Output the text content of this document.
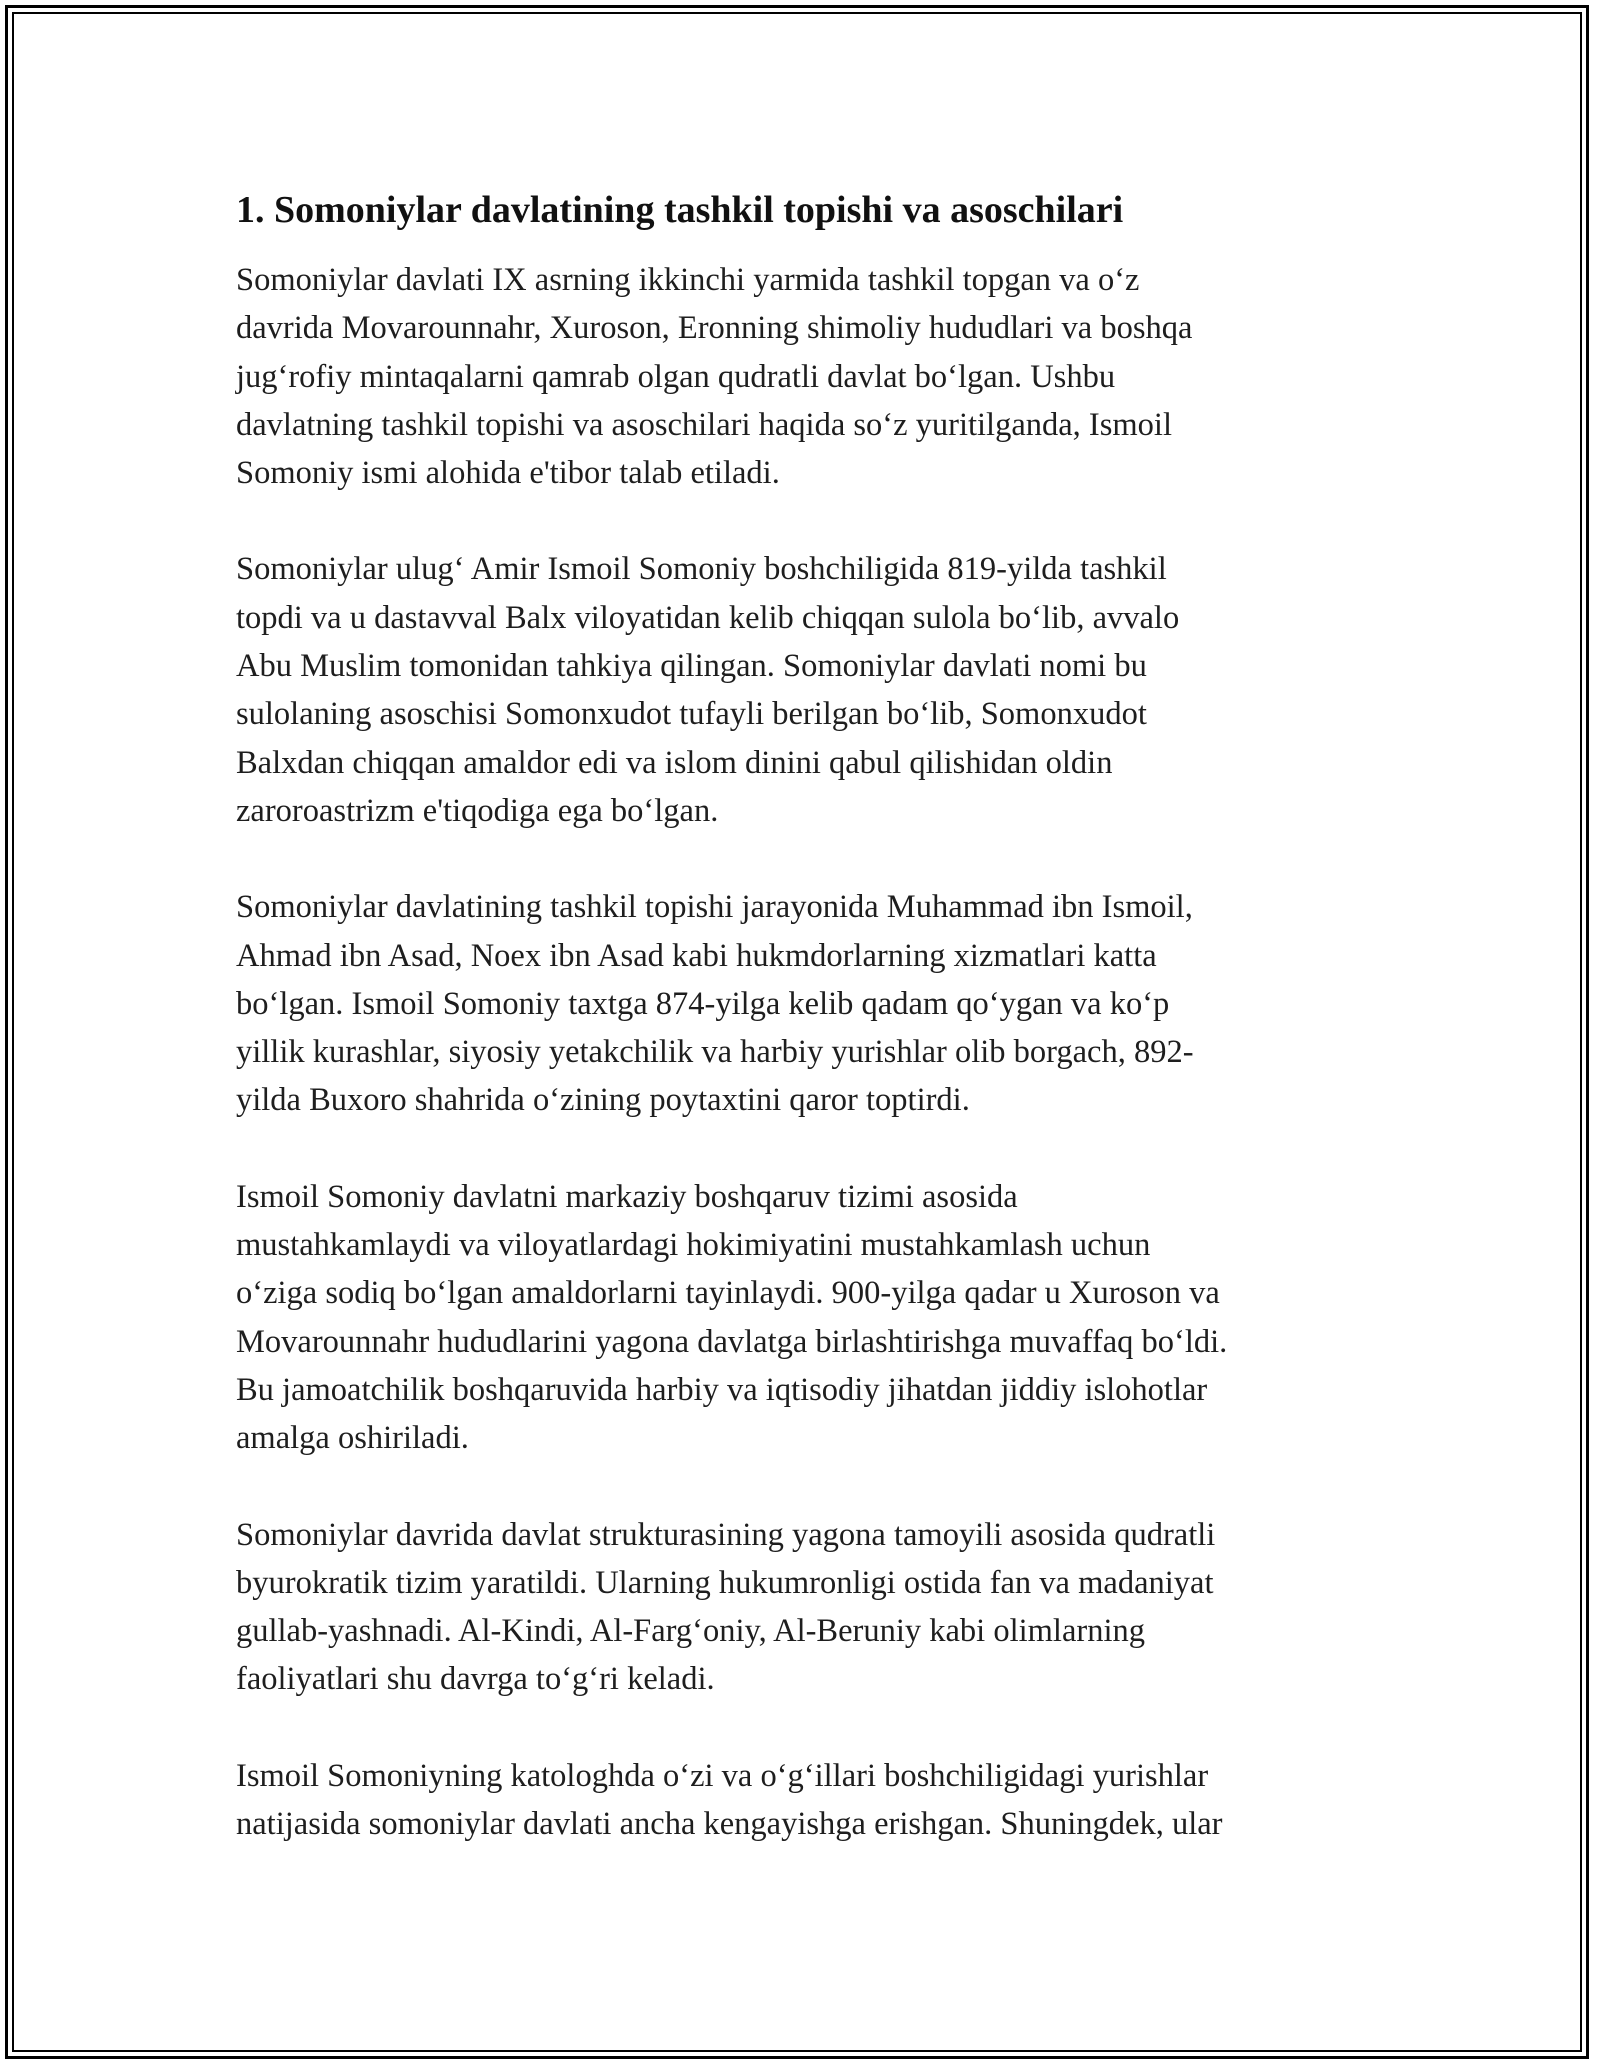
1. Somoniylar davlatining tashkil topishi va asoschilari

Somoniylar davlati IX asrning ikkinchi yarmida tashkil topgan va o‘z
davrida Movarounnahr, Xuroson, Eronning shimoliy hududlari va boshqa
jug‘rofiy mintaqalarni qamrab olgan qudratli davlat bo‘lgan. Ushbu
davlatning tashkil topishi va asoschilari haqida so‘z yuritilganda, Ismoil
Somoniy ismi alohida e'tibor talab etiladi.

Somoniylar ulug‘ Amir Ismoil Somoniy boshchiligida 819-yilda tashkil
topdi va u dastavval Balx viloyatidan kelib chiqqan sulola bo‘lib, avvalo
Abu Muslim tomonidan tahkiya qilingan. Somoniylar davlati nomi bu
sulolaning asoschisi Somonxudot tufayli berilgan bo‘lib, Somonxudot
Balxdan chiqqan amaldor edi va islom dinini qabul qilishidan oldin
zaroroastrizm e'tiqodiga ega bo‘lgan.

Somoniylar davlatining tashkil topishi jarayonida Muhammad ibn Ismoil,
Ahmad ibn Asad, Noex ibn Asad kabi hukmdorlarning xizmatlari katta
bo‘lgan. Ismoil Somoniy taxtga 874-yilga kelib qadam qo‘ygan va ko‘p
yillik kurashlar, siyosiy yetakchilik va harbiy yurishlar olib borgach, 892-
yilda Buxoro shahrida o‘zining poytaxtini qaror toptirdi.

Ismoil Somoniy davlatni markaziy boshqaruv tizimi asosida
mustahkamlaydi va viloyatlardagi hokimiyatini mustahkamlash uchun
o‘ziga sodiq bo‘lgan amaldorlarni tayinlaydi. 900-yilga qadar u Xuroson va
Movarounnahr hududlarini yagona davlatga birlashtirishga muvaffaq bo‘ldi.
Bu jamoatchilik boshqaruvida harbiy va iqtisodiy jihatdan jiddiy islohotlar
amalga oshiriladi.

Somoniylar davrida davlat strukturasining yagona tamoyili asosida qudratli
byurokratik tizim yaratildi. Ularning hukumronligi ostida fan va madaniyat
gullab-yashnadi. Al-Kindi, Al-Farg‘oniy, Al-Beruniy kabi olimlarning
faoliyatlari shu davrga to‘g‘ri keladi.

Ismoil Somoniyning katologhda o‘zi va o‘g‘illari boshchiligidagi yurishlar
natijasida somoniylar davlati ancha kengayishga erishgan. Shuningdek, ular
